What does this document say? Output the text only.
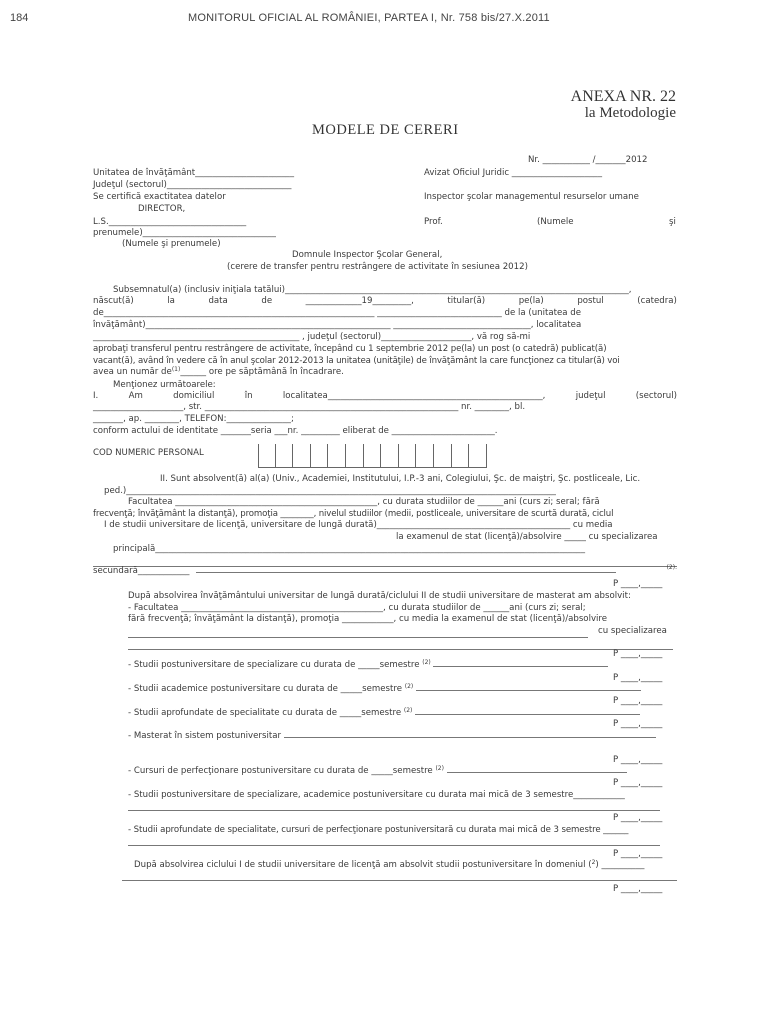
184	MONITORUL OFICIAL AL ROMÂNIEI, PARTEA I, Nr. 758 bis/27.X.2011
ANEXA NR. 22
la Metodologie
MODELE DE CERERI
Nr. ___________ /_______2012
Unitatea de învăţământ_______________________	Avizat Oficiul Juridic _____________________
Judeţul (sectorul)_____________________________
Se certifică exactitatea datelor	Inspector şcolar managementul resurselor umane
DIRECTOR,
L.S.________________________________	Prof.	(Numele	şi
prenumele)_______________________________
(Numele şi prenumele)
Domnule Inspector Şcolar General,
(cerere de transfer pentru restrângere de activitate în sesiunea 2012)
Subsemnatul(a) (inclusiv iniţiala tatălui)________________________________________________________________________________,
născut(ă)	la	data	de	_____________19_________,	titular(ă)	pe(la)	postul	(catedra)
de_______________________________________________________________ _____________________________ de la (unitatea de
învăţământ)_________________________________________________________ ________________________________, localitatea
________________________________________________ , judeţul (sectorul)_____________________, vă rog să-mi
aprobaţi transferul pentru restrângere de activitate, începând cu 1 septembrie 2012 pe(la) un post (o catedră) publicat(ă)
vacant(ă), având în vedere că în anul şcolar 2012-2013 la unitatea (unităţile) de învăţământ la care funcţionez ca titular(ă) voi
avea un număr $de^{(1)}\_\_\_\_\_\_$ ore pe săptămână în încadrare.
Menţionez următoarele:
I.	Am	domiciliul	în	localitatea__________________________________________________,	judeţul	(sectorul)
_____________________, str. ___________________________________________________________ nr. ________, bl.
_______, ap. ________, TELEFON:_______________;
conform actului de identitate _______seria ___nr. _________ eliberat de ________________________.
COD NUMERIC PERSONAL
II. Sunt absolvent(ă) al(a) (Univ., Academiei, Institutului, I.P.-3 ani, Colegiului, Şc. de maiştri, Şc. postliceale, Lic.
ped.)____________________________________________________________________________________________________
Facultatea _______________________________________________, cu durata studiilor de ______ani (curs zi; seral; fără
frecvenţă; învăţământ la distanţă), promoţia ________, nivelul studiilor (medii, postliceale, universitare de scurtă durată, ciclul
I de studii universitare de licenţă, universitare de lungă durată)_____________________________________________ cu media
la examenul de stat (licenţă)/absolvire _____ cu specializarea
principală____________________________________________________________________________________________________
secundară____________	(2).
P ____,_____
După absolvirea învăţământului universitar de lungă durată/ciclului II de studii universitare de masterat am absolvit:
- Facultatea _______________________________________________, cu durata studiilor de ______ani (curs zi; seral;
fără frecvenţă; învăţământ la distanţă), promoţia ____________, cu media la examenul de stat (licenţă)/absolvire
cu specializarea
P ____,_____
- Studii postuniversitare de specializare cu durata de _____semestre $^{(2)}$
P ____,_____
- Studii academice postuniversitare cu durata de _____semestre $^{(2)}$
P ____,_____
- Studii aprofundate de specialitate cu durata de _____semestre $^{(2)}$
P ____,_____
- Masterat în sistem postuniversitar
P ____,_____
- Cursuri de perfecţionare postuniversitare cu durata de _____semestre $^{(2)}$
P ____,_____
- Studii postuniversitare de specializare, academice postuniversitare cu durata mai mică de 3 semestre____________
P ____,_____
- Studii aprofundate de specialitate, cursuri de perfecţionare postuniversitară cu durata mai mică de 3 semestre ______
P ____,_____
După absolvirea ciclului I de studii universitare de licenţă am absolvit studii postuniversitare în domeniul ($^2$) __________
P ____,_____
